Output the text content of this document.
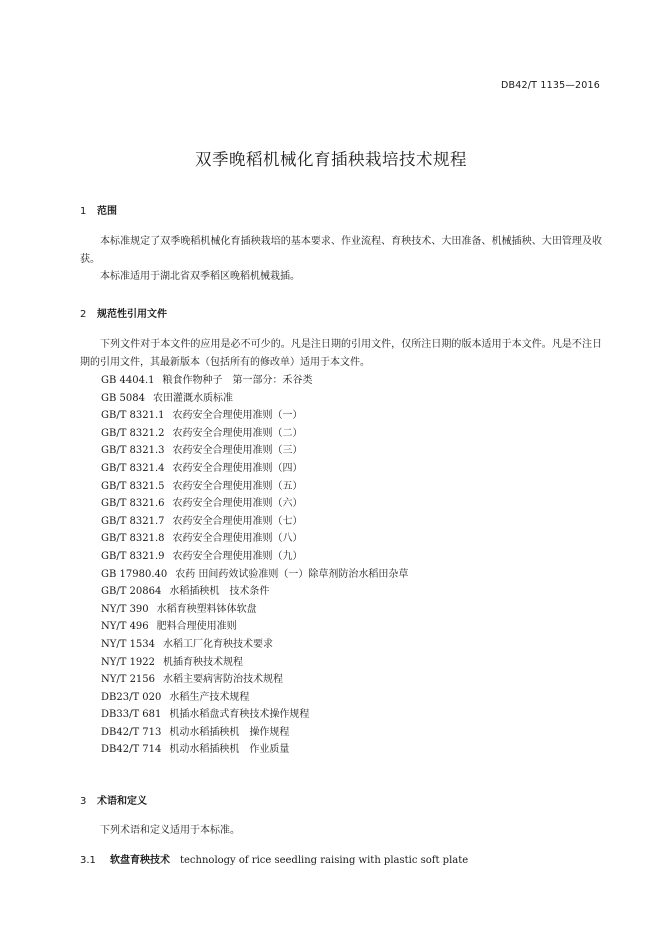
DB42/T 1135—2016
双季晚稻机械化育插秧栽培技术规程
1 范围
本标准规定了双季晚稻机械化育插秧栽培的基本要求、作业流程、育秧技术、大田准备、机械插秧、大田管理及收获。
本标准适用于湖北省双季稻区晚稻机械栽插。
2 规范性引用文件
下列文件对于本文件的应用是必不可少的。凡是注日期的引用文件，仅所注日期的版本适用于本文件。凡是不注日期的引用文件，其最新版本（包括所有的修改单）适用于本文件。
GB 4404.1 粮食作物种子　第一部分：禾谷类
GB 5084 农田灌溉水质标准
GB/T 8321.1 农药安全合理使用准则（一）
GB/T 8321.2 农药安全合理使用准则（二）
GB/T 8321.3 农药安全合理使用准则（三）
GB/T 8321.4 农药安全合理使用准则（四）
GB/T 8321.5 农药安全合理使用准则（五）
GB/T 8321.6 农药安全合理使用准则（六）
GB/T 8321.7 农药安全合理使用准则（七）
GB/T 8321.8 农药安全合理使用准则（八）
GB/T 8321.9 农药安全合理使用准则（九）
GB 17980.40 农药 田间药效试验准则（一）除草剂防治水稻田杂草
GB/T 20864 水稻插秧机　技术条件
NY/T 390 水稻育秧塑料钵体软盘
NY/T 496 肥料合理使用准则
NY/T 1534 水稻工厂化育秧技术要求
NY/T 1922 机插育秧技术规程
NY/T 2156 水稻主要病害防治技术规程
DB23/T 020 水稻生产技术规程
DB33/T 681 机插水稻盘式育秧技术操作规程
DB42/T 713 机动水稻插秧机　操作规程
DB42/T 714 机动水稻插秧机　作业质量
3 术语和定义
下列术语和定义适用于本标准。
3.1 软盘育秧技术 technology of rice seedling raising with plastic soft plate
